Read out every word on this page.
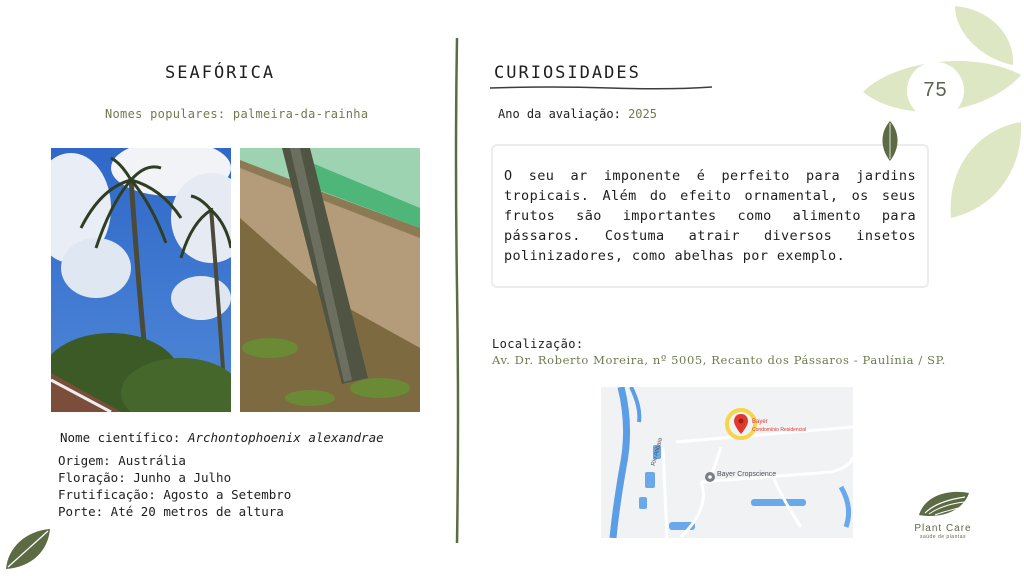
SEAFÓRICA
Nomes populares: palmeira-da-rainha
Nome científico: Archontophoenix alexandrae
Origem: Austrália
Floração: Junho a Julho
Frutificação: Agosto a Setembro
Porte: Até 20 metros de altura
CURIOSIDADES
Ano da avaliação: 2025

O seu ar imponente é perfeito para jardins tropicais. Além do efeito ornamental, os seus frutos são importantes como alimento para pássaros. Costuma atrair diversos insetos polinizadores, como abelhas por exemplo.

Localização:
Av. Dr. Roberto Moreira, nº 5005, Recanto dos Pássaros - Paulínia / SP.
Rio Atibaia
Bayer
Condomínio Residencial
Bayer Cropscience
75
Plant Care
saúde de plantas
